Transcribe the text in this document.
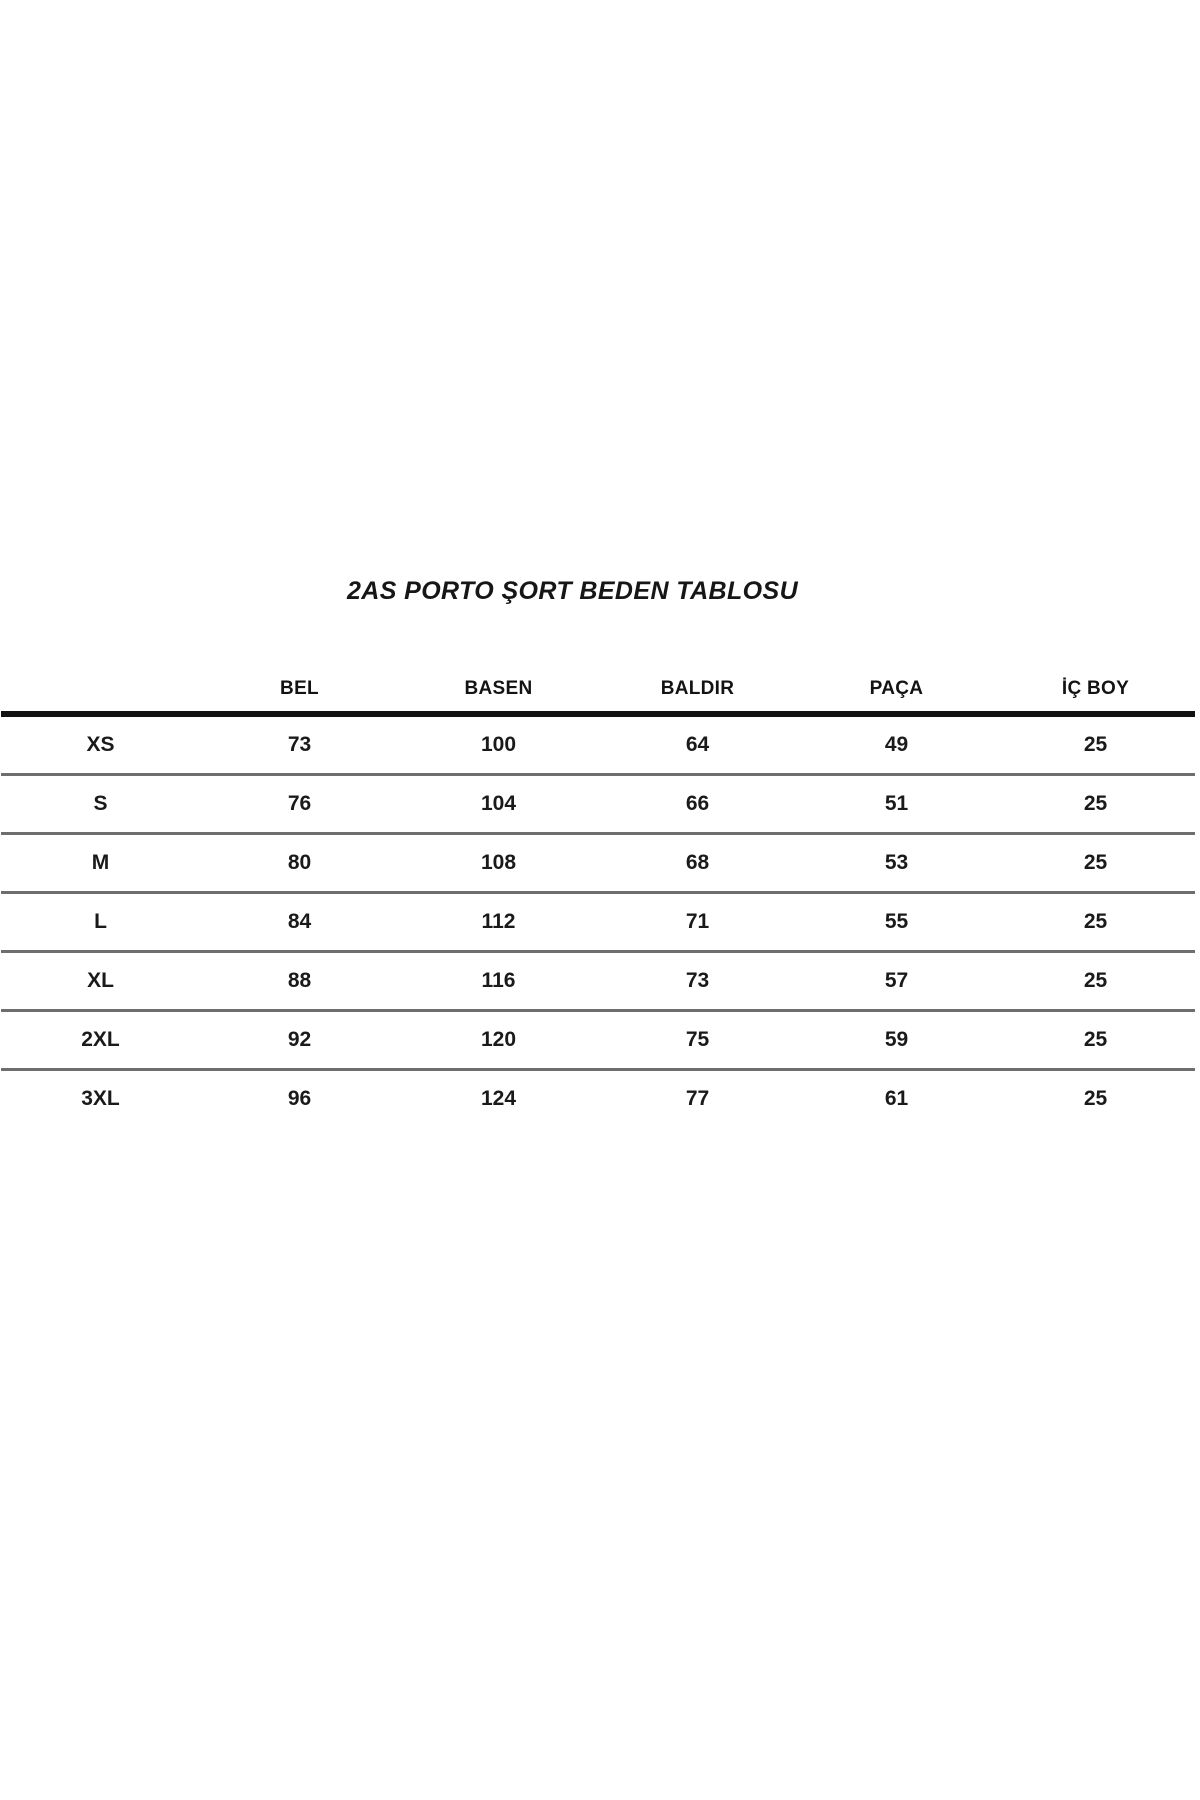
2AS PORTO ŞORT BEDEN TABLOSU
	BEL	BASEN	BALDIR	PAÇA	İÇ BOY
XS	73	100	64	49	25
S	76	104	66	51	25
M	80	108	68	53	25
L	84	112	71	55	25
XL	88	116	73	57	25
2XL	92	120	75	59	25
3XL	96	124	77	61	25
